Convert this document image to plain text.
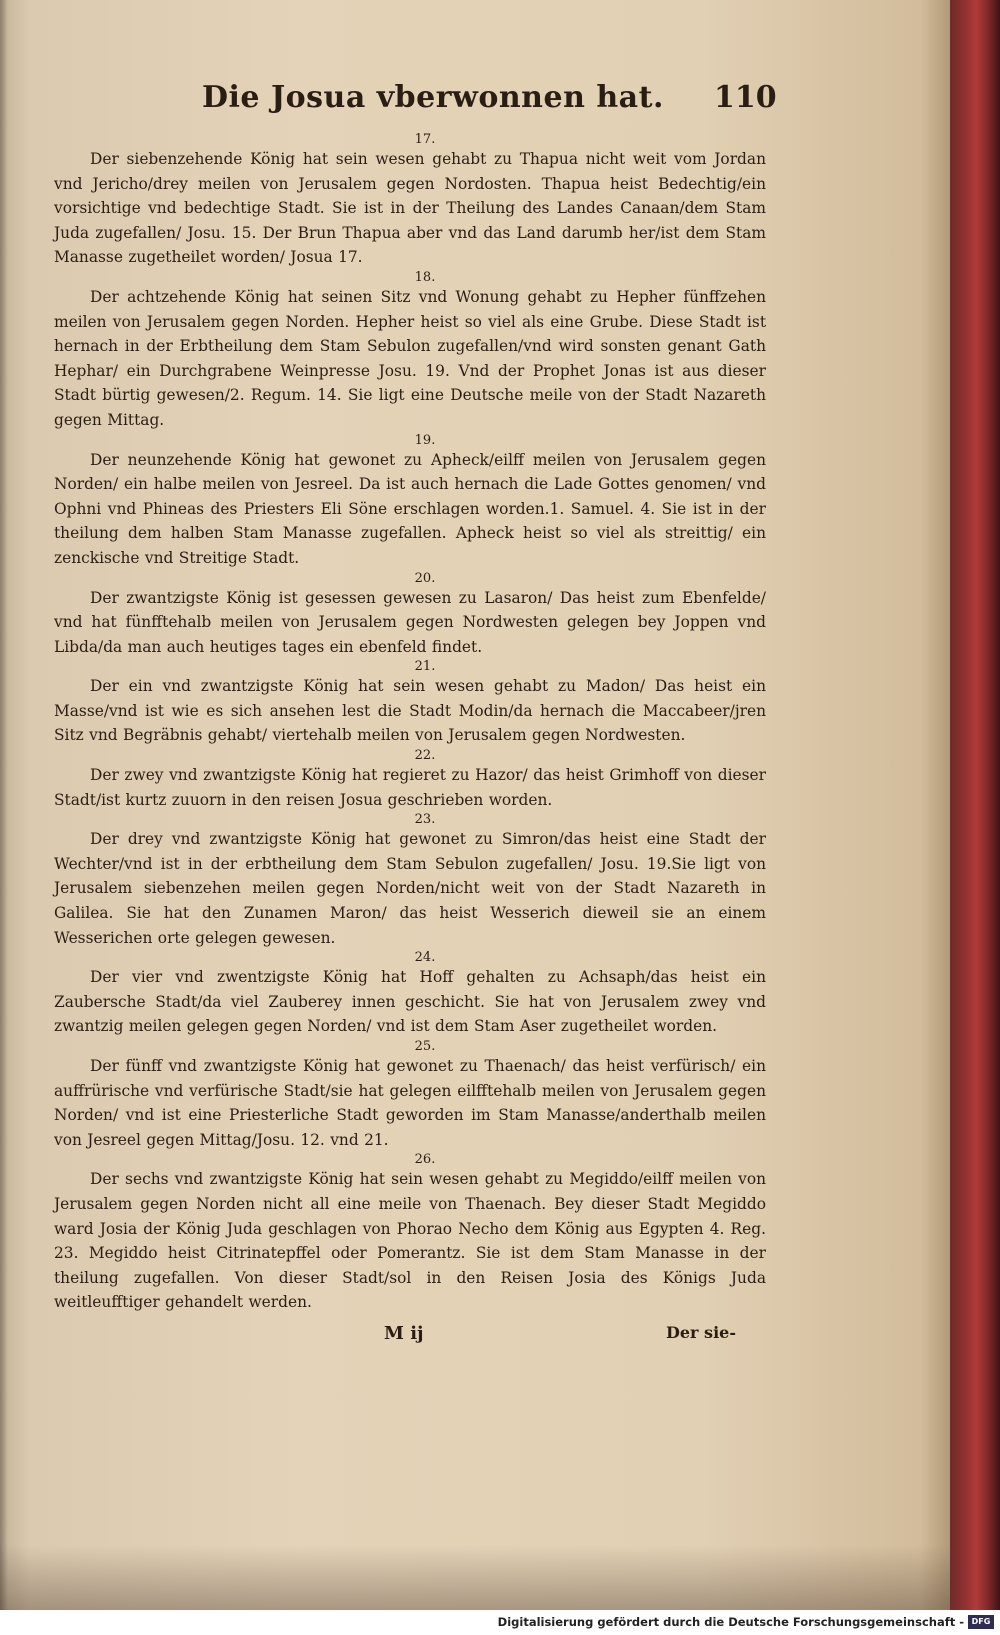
Die Josua vberwonnen hat. 110
17.

Der siebenzehende König hat sein wesen gehabt zu Thapua nicht weit vom Jordan vnd Jericho/drey meilen von Jerusalem gegen Nordosten. Thapua heist Bedechtig/ein vorsichtige vnd bedechtige Stadt. Sie ist in der Theilung des Landes Canaan/dem Stam Juda zugefallen/ Josu. 15. Der Brun Thapua aber vnd das Land darumb her/ist dem Stam Manasse zugetheilet worden/ Josua 17.

18.

Der achtzehende König hat seinen Sitz vnd Wonung gehabt zu Hepher fünffzehen meilen von Jerusalem gegen Norden. Hepher heist so viel als eine Grube. Diese Stadt ist hernach in der Erbtheilung dem Stam Sebulon zugefallen/vnd wird sonsten genant Gath Hephar/ ein Durchgrabene Weinpresse Josu. 19. Vnd der Prophet Jonas ist aus dieser Stadt bürtig gewesen/2. Regum. 14. Sie ligt eine Deutsche meile von der Stadt Nazareth gegen Mittag.

19.

Der neunzehende König hat gewonet zu Apheck/eilff meilen von Jerusalem gegen Norden/ ein halbe meilen von Jesreel. Da ist auch hernach die Lade Gottes genomen/ vnd Ophni vnd Phineas des Priesters Eli Söne erschlagen worden.1. Samuel. 4. Sie ist in der theilung dem halben Stam Manasse zugefallen. Apheck heist so viel als streittig/ ein zenckische vnd Streitige Stadt.

20.

Der zwantzigste König ist gesessen gewesen zu Lasaron/ Das heist zum Ebenfelde/ vnd hat fünfftehalb meilen von Jerusalem gegen Nordwesten gelegen bey Joppen vnd Libda/da man auch heutiges tages ein ebenfeld findet.

21.

Der ein vnd zwantzigste König hat sein wesen gehabt zu Madon/ Das heist ein Masse/vnd ist wie es sich ansehen lest die Stadt Modin/da hernach die Maccabeer/jren Sitz vnd Begräbnis gehabt/ viertehalb meilen von Jerusalem gegen Nordwesten.

22.

Der zwey vnd zwantzigste König hat regieret zu Hazor/ das heist Grimhoff von dieser Stadt/ist kurtz zuuorn in den reisen Josua geschrieben worden.

23.

Der drey vnd zwantzigste König hat gewonet zu Simron/das heist eine Stadt der Wechter/vnd ist in der erbtheilung dem Stam Sebulon zugefallen/ Josu. 19.Sie ligt von Jerusalem siebenzehen meilen gegen Norden/nicht weit von der Stadt Nazareth in Galilea. Sie hat den Zunamen Maron/ das heist Wesserich dieweil sie an einem Wesserichen orte gelegen gewesen.

24.

Der vier vnd zwentzigste König hat Hoff gehalten zu Achsaph/das heist ein Zaubersche Stadt/da viel Zauberey innen geschicht. Sie hat von Jerusalem zwey vnd zwantzig meilen gelegen gegen Norden/ vnd ist dem Stam Aser zugetheilet worden.

25.

Der fünff vnd zwantzigste König hat gewonet zu Thaenach/ das heist verfürisch/ ein auffrürische vnd verfürische Stadt/sie hat gelegen eilfftehalb meilen von Jerusalem gegen Norden/ vnd ist eine Priesterliche Stadt geworden im Stam Manasse/anderthalb meilen von Jesreel gegen Mittag/Josu. 12. vnd 21.

26.

Der sechs vnd zwantzigste König hat sein wesen gehabt zu Megiddo/eilff meilen von Jerusalem gegen Norden nicht all eine meile von Thaenach. Bey dieser Stadt Megiddo ward Josia der König Juda geschlagen von Phorao Necho dem König aus Egypten 4. Reg. 23. Megiddo heist Citrinatepffel oder Pomerantz. Sie ist dem Stam Manasse in der theilung zugefallen. Von dieser Stadt/sol in den Reisen Josia des Königs Juda weitleufftiger gehandelt werden.

M ij	Der sie-
Digitalisierung gefördert durch die Deutsche Forschungsgemeinschaft - DFG
